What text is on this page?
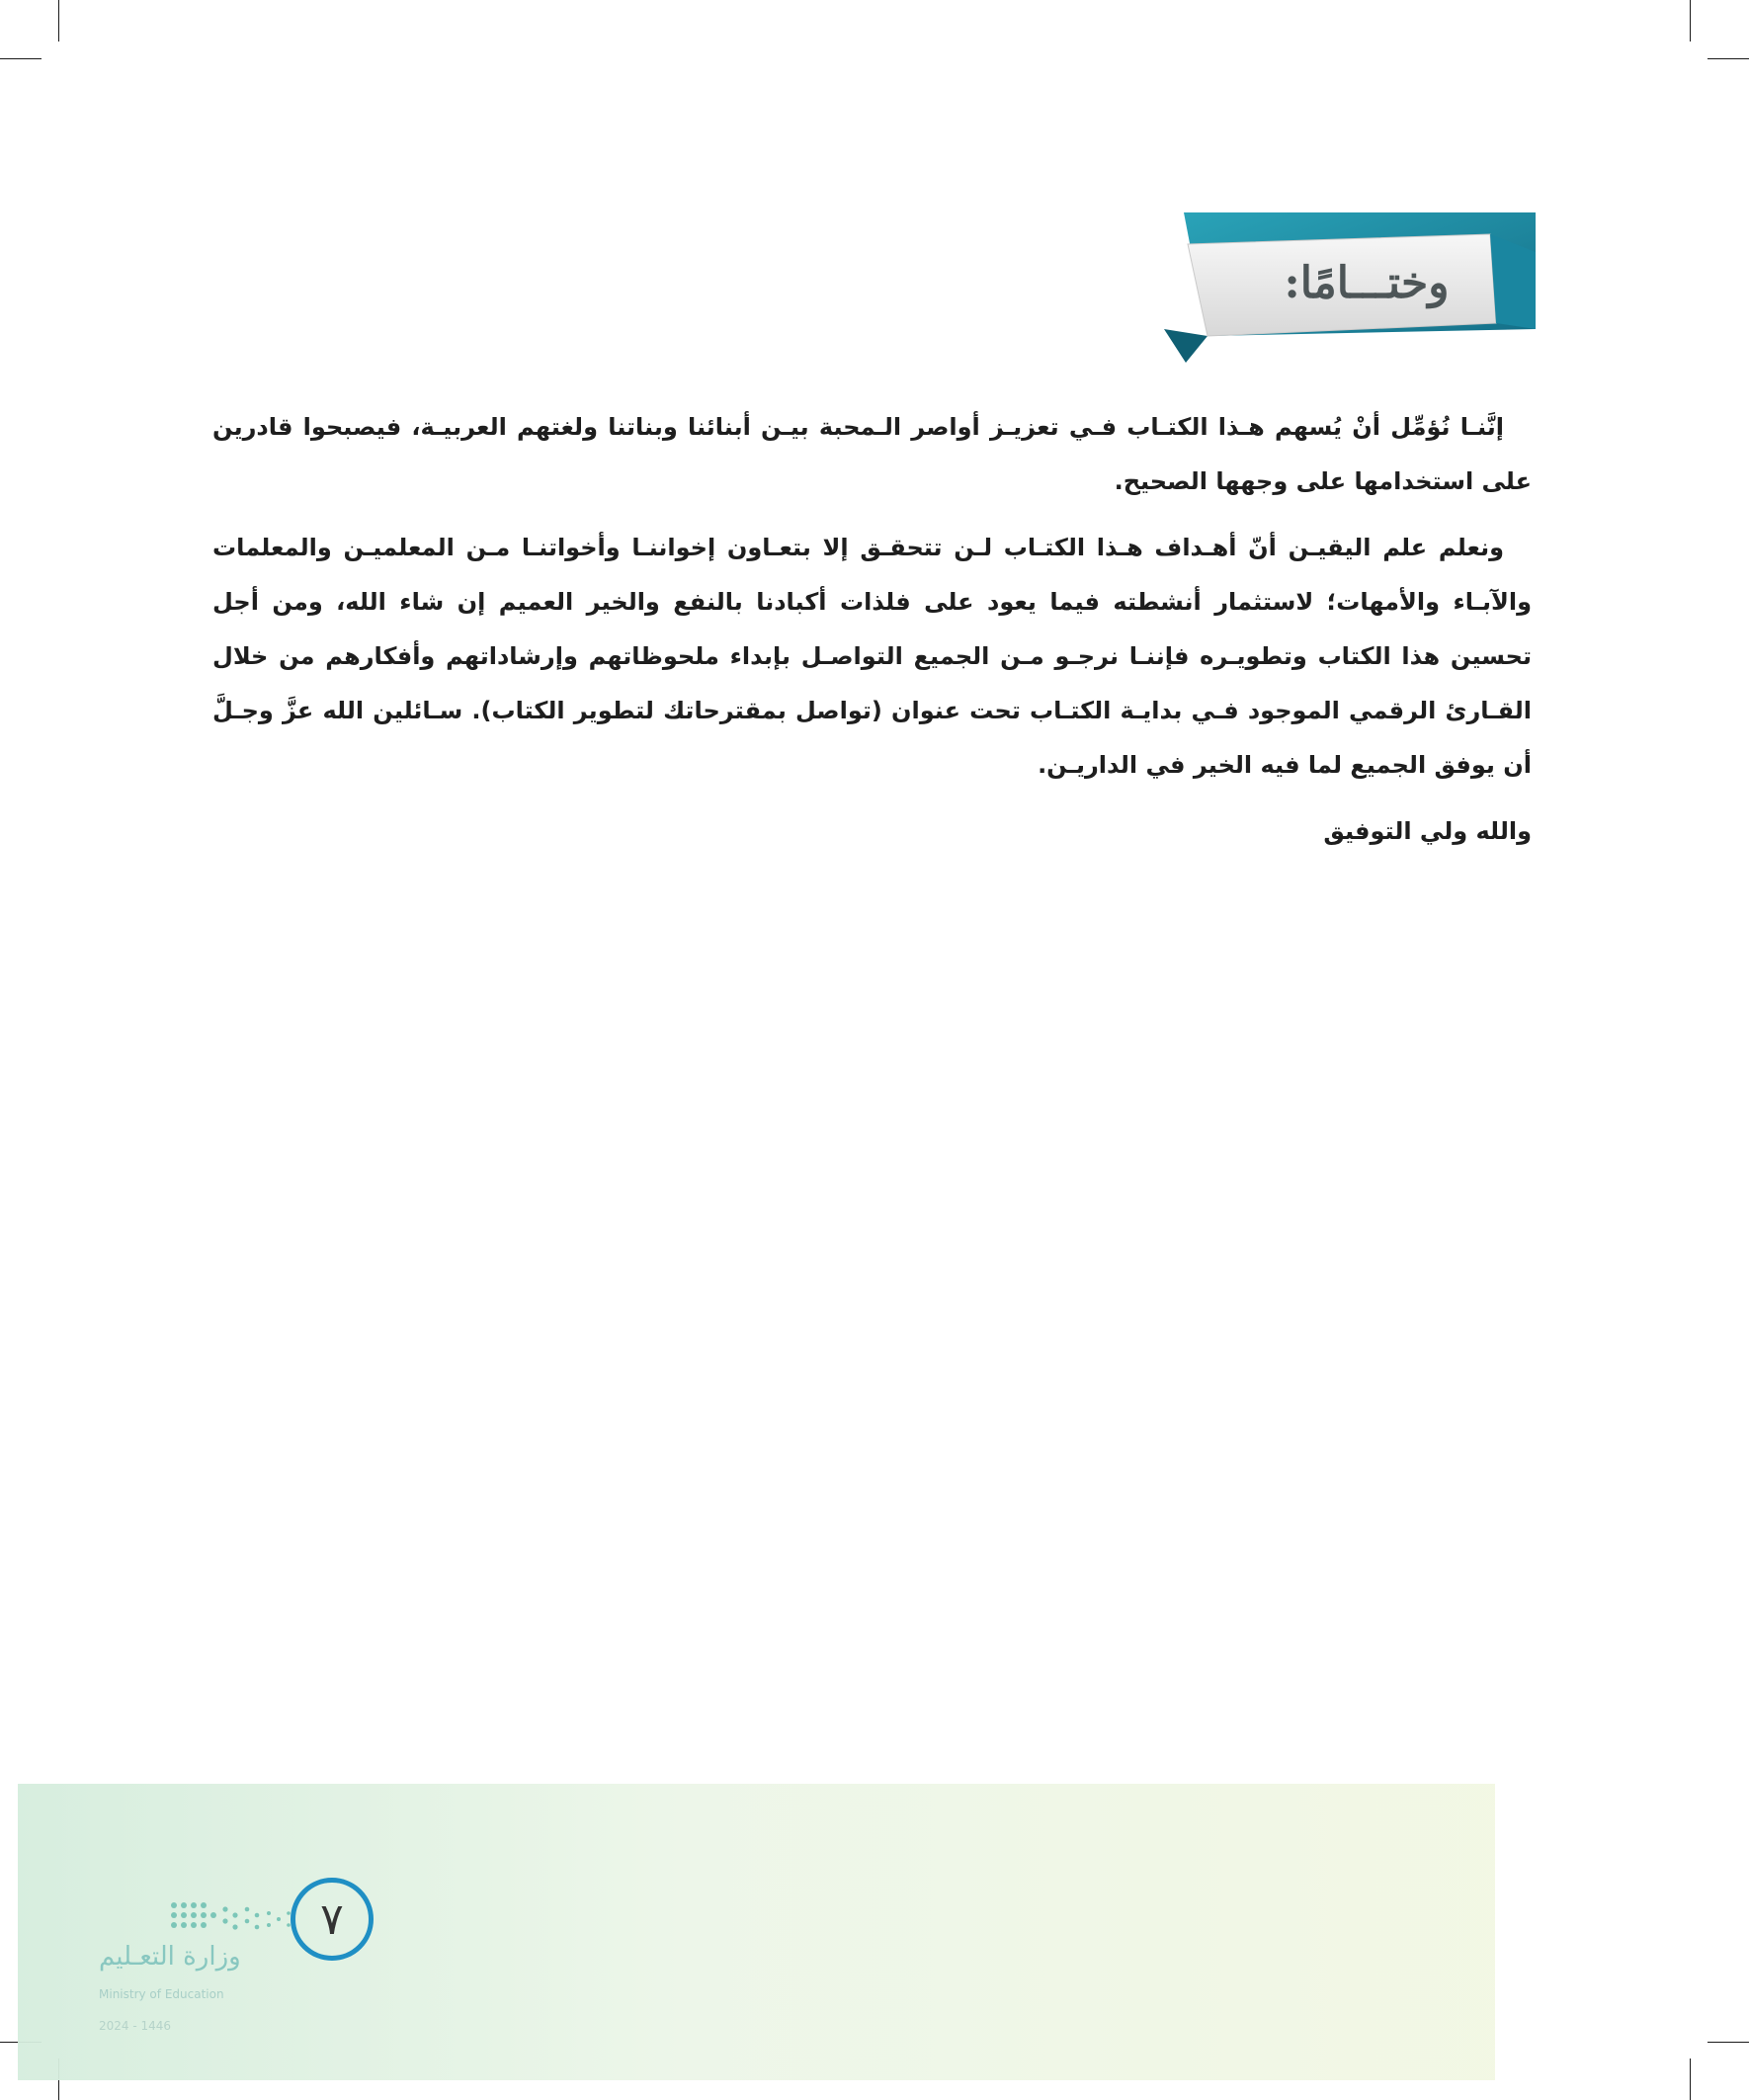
وختـــامًا:

إنَّنـا نُؤمِّل أنْ يُسهم هـذا الكتـاب فـي تعزيـز أواصر الـمحبة بيـن أبنائنا وبناتنا ولغتهم العربيـة، فيصبحوا قادرين على استخدامها على وجهها الصحيح.

ونعلم علم اليقيـن أنّ أهـداف هـذا الكتـاب لـن تتحقـق إلا بتعـاون إخواننـا وأخواتنـا مـن المعلميـن والمعلمات والآبـاء والأمهات؛ لاستثمار أنشطته فيما يعود على فلذات أكبادنا بالنفع والخير العميم إن شاء الله، ومن أجل تحسين هذا الكتاب وتطويـره فإننـا نرجـو مـن الجميع التواصـل بإبداء ملحوظاتهم وإرشاداتهم وأفكارهم من خلال القـارئ الرقمي الموجود فـي بدايـة الكتـاب تحت عنوان (تواصل بمقترحاتك لتطوير الكتاب). سـائلين الله عزَّ وجـلَّ أن يوفق الجميع لما فيه الخير في الداريـن.

والله ولي التوفيق

٧
وزارة التعـليم
Ministry of Education
2024 - 1446
